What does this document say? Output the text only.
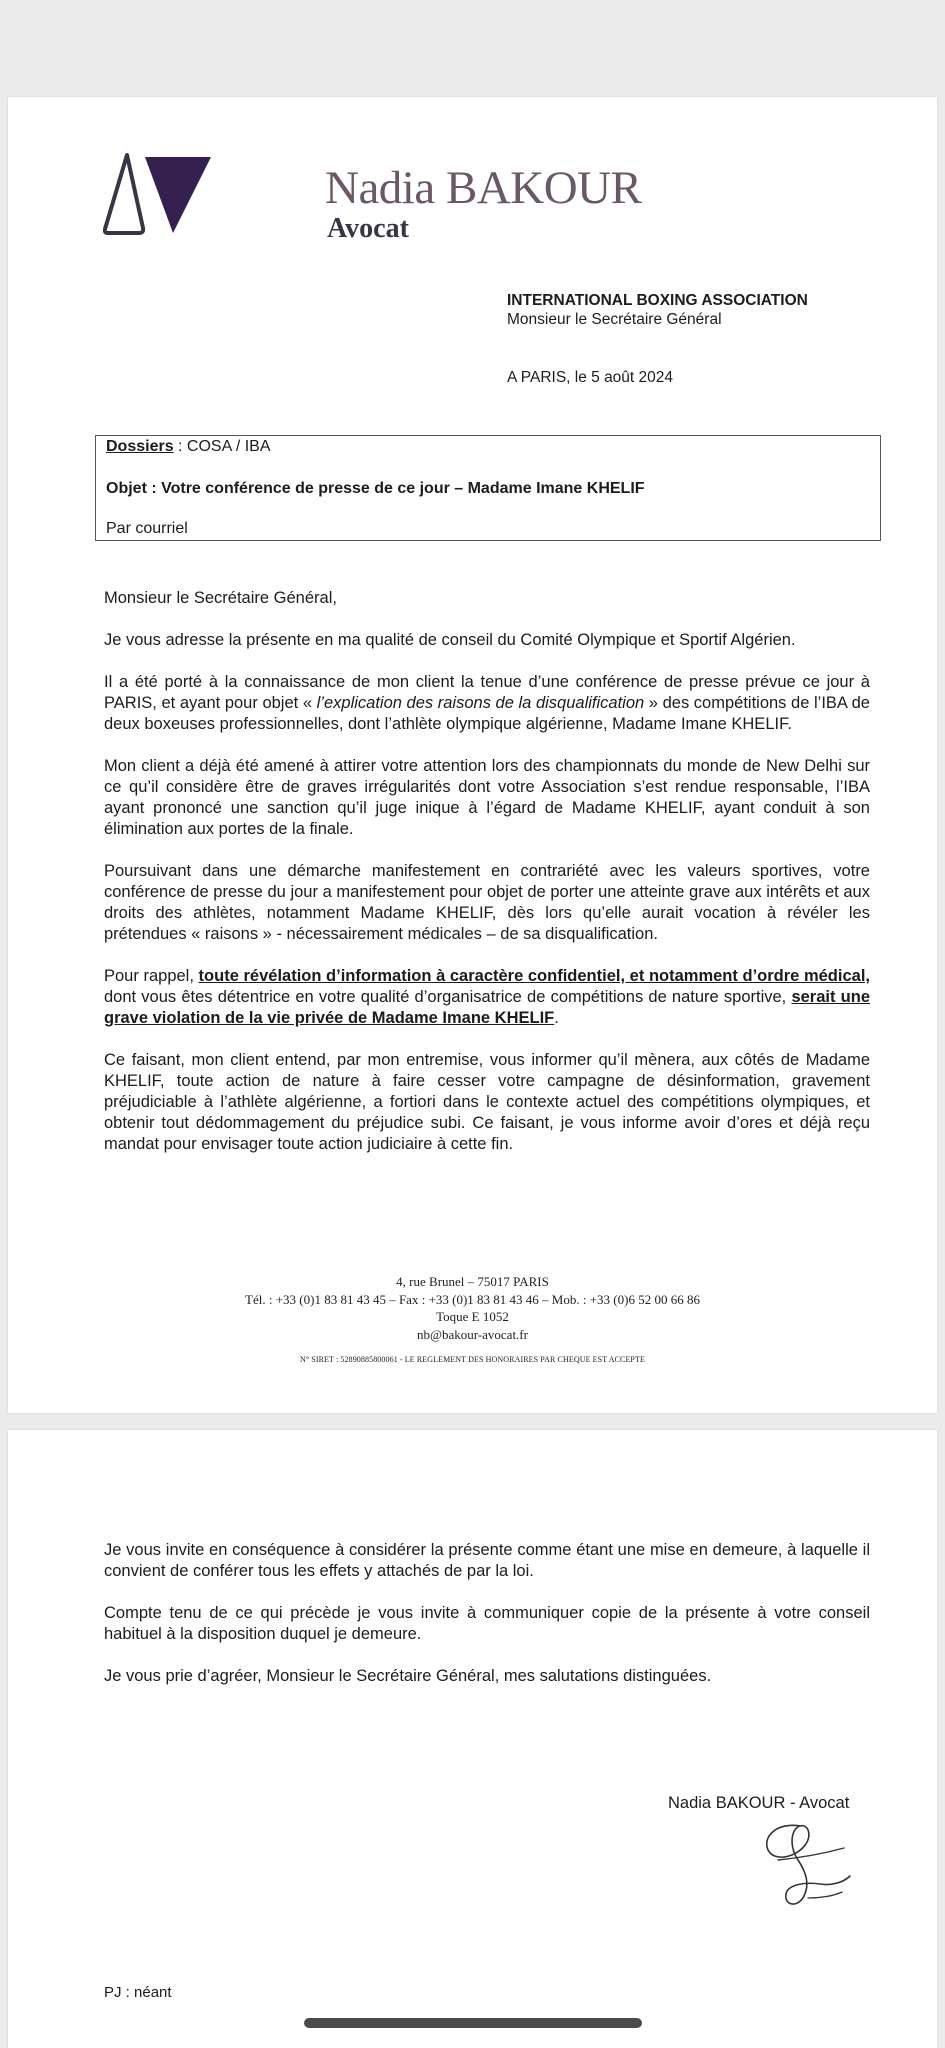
Nadia BAKOUR
Avocat
INTERNATIONAL BOXING ASSOCIATION
Monsieur le Secrétaire Général
A PARIS, le 5 août 2024
Dossiers : COSA / IBA
Objet : Votre conférence de presse de ce jour – Madame Imane KHELIF
Par courriel

Monsieur le Secrétaire Général,

Je vous adresse la présente en ma qualité de conseil du Comité Olympique et Sportif Algérien.

Il a été porté à la connaissance de mon client la tenue d’une conférence de presse prévue ce jour à PARIS, et ayant pour objet « l’explication des raisons de la disqualification » des compétitions de l’IBA de deux boxeuses professionnelles, dont l’athlète olympique algérienne, Madame Imane KHELIF.

Mon client a déjà été amené à attirer votre attention lors des championnats du monde de New Delhi sur ce qu’il considère être de graves irrégularités dont votre Association s’est rendue responsable, l’IBA ayant prononcé une sanction qu’il juge inique à l’égard de Madame KHELIF, ayant conduit à son élimination aux portes de la finale.

Poursuivant dans une démarche manifestement en contrariété avec les valeurs sportives, votre conférence de presse du jour a manifestement pour objet de porter une atteinte grave aux intérêts et aux droits des athlètes, notamment Madame KHELIF, dès lors qu’elle aurait vocation à révéler les prétendues « raisons » - nécessairement médicales – de sa disqualification.

Pour rappel, toute révélation d’information à caractère confidentiel, et notamment d’ordre médical, dont vous êtes détentrice en votre qualité d’organisatrice de compétitions de nature sportive, serait une grave violation de la vie privée de Madame Imane KHELIF.

Ce faisant, mon client entend, par mon entremise, vous informer qu’il mènera, aux côtés de Madame KHELIF, toute action de nature à faire cesser votre campagne de désinformation, gravement préjudiciable à l’athlète algérienne, a fortiori dans le contexte actuel des compétitions olympiques, et obtenir tout dédommagement du préjudice subi. Ce faisant, je vous informe avoir d’ores et déjà reçu mandat pour envisager toute action judiciaire à cette fin.

4, rue Brunel – 75017 PARIS
Tél. : +33 (0)1 83 81 43 45 – Fax : +33 (0)1 83 81 43 46 – Mob. : +33 (0)6 52 00 66 86
Toque E 1052
nb@bakour-avocat.fr
N° SIRET : 52890885800061 - LE REGLEMENT DES HONORAIRES PAR CHEQUE EST ACCEPTE

Je vous invite en conséquence à considérer la présente comme étant une mise en demeure, à laquelle il convient de conférer tous les effets y attachés de par la loi.

Compte tenu de ce qui précède je vous invite à communiquer copie de la présente à votre conseil habituel à la disposition duquel je demeure.

Je vous prie d’agréer, Monsieur le Secrétaire Général, mes salutations distinguées.

Nadia BAKOUR - Avocat
PJ : néant
